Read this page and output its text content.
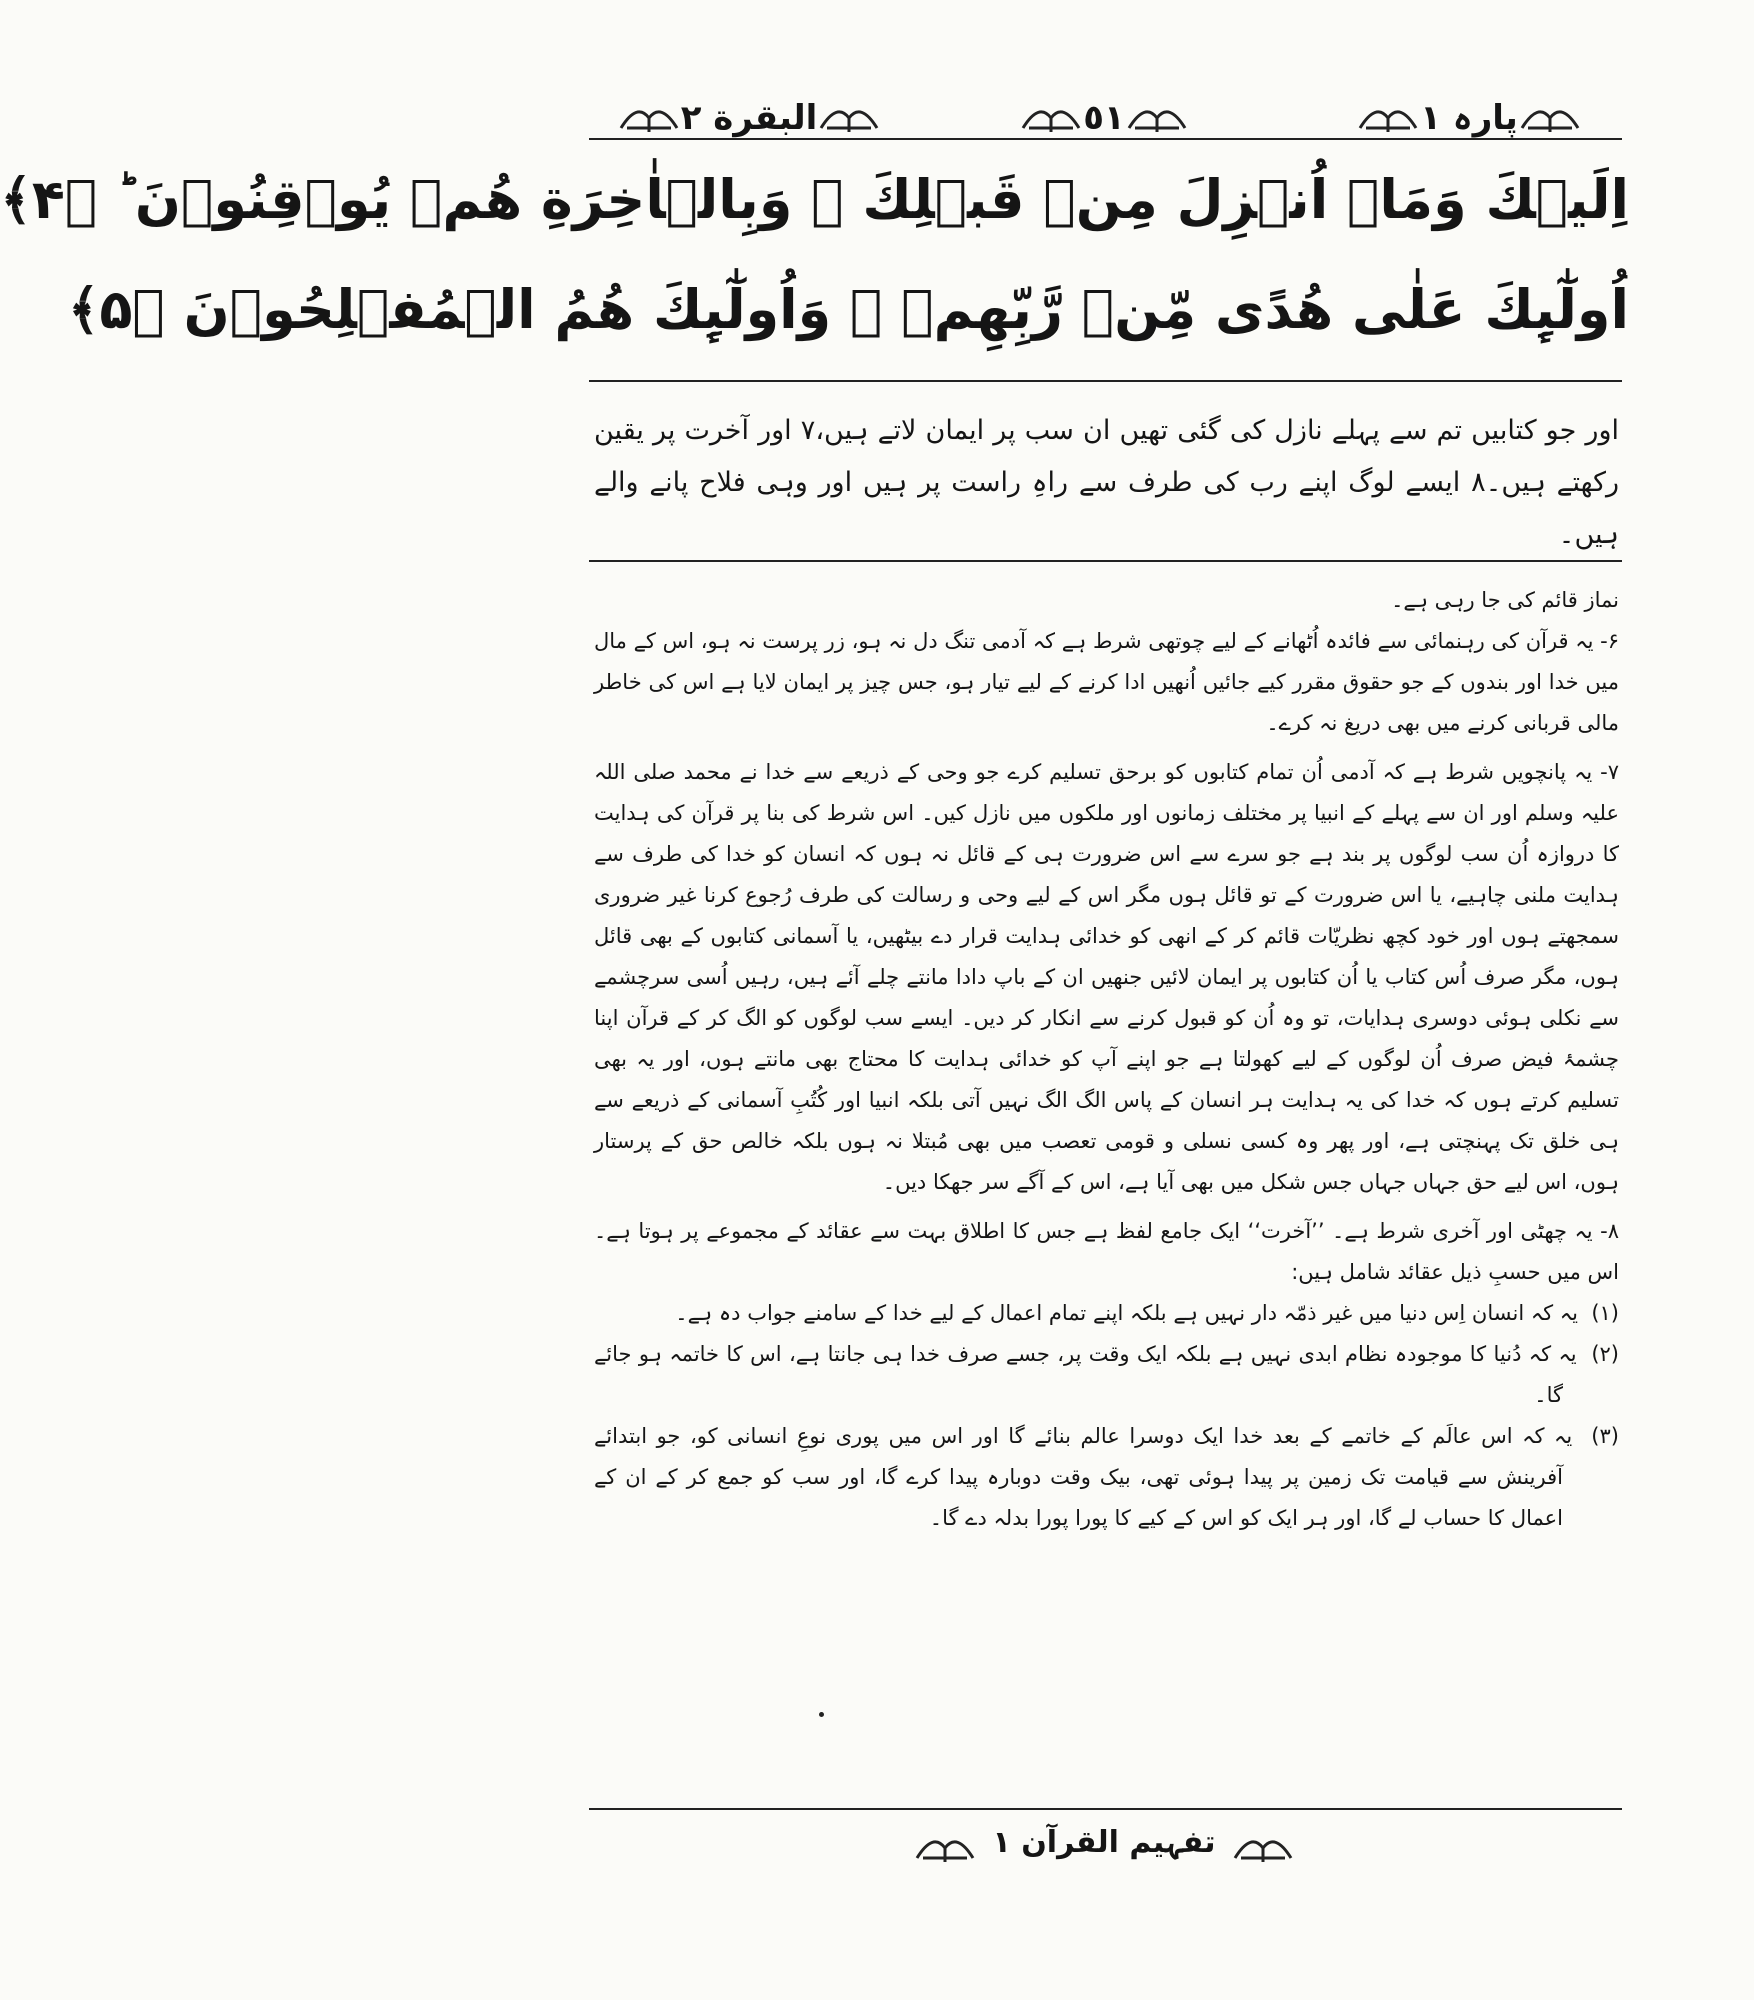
البقرة ٢	٥١	پارہ ١
اِلَیۡكَ وَمَاۤ اُنۡزِلَ مِنۡ قَبۡلِكَ ۚ وَبِالۡاٰخِرَةِ هُمۡ یُوۡقِنُوۡنَ ؕ ﴿۴﴾
اُولٰٓىِٕكَ عَلٰى هُدًى مِّنۡ رَّبِّهِمۡ ۚ وَاُولٰٓىِٕكَ هُمُ الۡمُفۡلِحُوۡنَ ﴿۵﴾
اور جو کتابیں تم سے پہلے نازل کی گئی تھیں ان سب پر ایمان لاتے ہیں،۷ اور آخرت پر یقین رکھتے ہیں۔۸ ایسے لوگ اپنے رب کی طرف سے راہِ راست پر ہیں اور وہی فلاح پانے والے ہیں۔

نماز قائم کی جا رہی ہے۔

۶- یہ قرآن کی رہنمائی سے فائدہ اُٹھانے کے لیے چوتھی شرط ہے کہ آدمی تنگ دل نہ ہو، زر پرست نہ ہو، اس کے مال میں خدا اور بندوں کے جو حقوق مقرر کیے جائیں اُنھیں ادا کرنے کے لیے تیار ہو، جس چیز پر ایمان لایا ہے اس کی خاطر مالی قربانی کرنے میں بھی دریغ نہ کرے۔

۷- یہ پانچویں شرط ہے کہ آدمی اُن تمام کتابوں کو برحق تسلیم کرے جو وحی کے ذریعے سے خدا نے محمد صلی اللہ علیہ وسلم اور ان سے پہلے کے انبیا پر مختلف زمانوں اور ملکوں میں نازل کیں۔ اس شرط کی بنا پر قرآن کی ہدایت کا دروازہ اُن سب لوگوں پر بند ہے جو سرے سے اس ضرورت ہی کے قائل نہ ہوں کہ انسان کو خدا کی طرف سے ہدایت ملنی چاہیے، یا اس ضرورت کے تو قائل ہوں مگر اس کے لیے وحی و رسالت کی طرف رُجوع کرنا غیر ضروری سمجھتے ہوں اور خود کچھ نظریّات قائم کر کے انھی کو خدائی ہدایت قرار دے بیٹھیں، یا آسمانی کتابوں کے بھی قائل ہوں، مگر صرف اُس کتاب یا اُن کتابوں پر ایمان لائیں جنھیں ان کے باپ دادا مانتے چلے آئے ہیں، رہیں اُسی سرچشمے سے نکلی ہوئی دوسری ہدایات، تو وہ اُن کو قبول کرنے سے انکار کر دیں۔ ایسے سب لوگوں کو الگ کر کے قرآن اپنا چشمۂ فیض صرف اُن لوگوں کے لیے کھولتا ہے جو اپنے آپ کو خدائی ہدایت کا محتاج بھی مانتے ہوں، اور یہ بھی تسلیم کرتے ہوں کہ خدا کی یہ ہدایت ہر انسان کے پاس الگ الگ نہیں آتی بلکہ انبیا اور کُتُبِ آسمانی کے ذریعے سے ہی خلق تک پہنچتی ہے، اور پھر وہ کسی نسلی و قومی تعصب میں بھی مُبتلا نہ ہوں بلکہ خالص حق کے پرستار ہوں، اس لیے حق جہاں جہاں جس شکل میں بھی آیا ہے، اس کے آگے سر جھکا دیں۔

۸- یہ چھٹی اور آخری شرط ہے۔ ’’آخرت‘‘ ایک جامع لفظ ہے جس کا اطلاق بہت سے عقائد کے مجموعے پر ہوتا ہے۔ اس میں حسبِ ذیل عقائد شامل ہیں:

(۱)  یہ کہ انسان اِس دنیا میں غیر ذمّہ دار نہیں ہے بلکہ اپنے تمام اعمال کے لیے خدا کے سامنے جواب دہ ہے۔

(۲)  یہ کہ دُنیا کا موجودہ نظام ابدی نہیں ہے بلکہ ایک وقت پر، جسے صرف خدا ہی جانتا ہے، اس کا خاتمہ ہو جائے گا۔

(۳)  یہ کہ اس عالَم کے خاتمے کے بعد خدا ایک دوسرا عالم بنائے گا اور اس میں پوری نوعِ انسانی کو، جو ابتدائے آفرینش سے قیامت تک زمین پر پیدا ہوئی تھی، بیک وقت دوبارہ پیدا کرے گا، اور سب کو جمع کر کے ان کے اعمال کا حساب لے گا، اور ہر ایک کو اس کے کیے کا پورا پورا بدلہ دے گا۔

تفہیم القرآن ١
